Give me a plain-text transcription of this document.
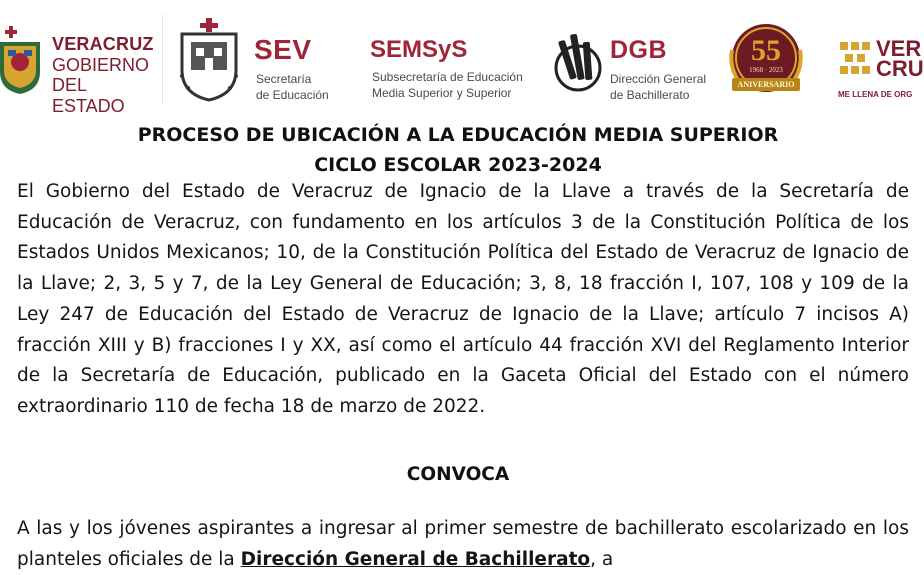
VERACRUZ
GOBIERNO
DEL ESTADO
SEV
Secretaría
de Educación
SEMSyS
Subsecretaría de Educación
Media Superior y Superior
DGB
Dirección General
de Bachillerato
55
1968 · 2023
ANIVERSARIO
VER
CRU
ME LLENA DE ORG
PROCESO DE UBICACIÓN A LA EDUCACIÓN MEDIA SUPERIOR
CICLO ESCOLAR 2023-2024

El Gobierno del Estado de Veracruz de Ignacio de la Llave a través de la Secretaría de Educación de Veracruz, con fundamento en los artículos 3 de la Constitución Política de los Estados Unidos Mexicanos; 10, de la Constitución Política del Estado de Veracruz de Ignacio de la Llave; 2, 3, 5 y 7, de la Ley General de Educación; 3, 8, 18 fracción I, 107, 108 y 109 de la Ley 247 de Educación del Estado de Veracruz de Ignacio de la Llave; artículo 7 incisos A) fracción XIII y B) fracciones I y XX, así como el artículo 44 fracción XVI del Reglamento Interior de la Secretaría de Educación, publicado en la Gaceta Oficial del Estado con el número extraordinario 110 de fecha 18 de marzo de 2022.

CONVOCA

A las y los jóvenes aspirantes a ingresar al primer semestre de bachillerato escolarizado en los planteles oficiales de la Dirección General de Bachillerato, a
